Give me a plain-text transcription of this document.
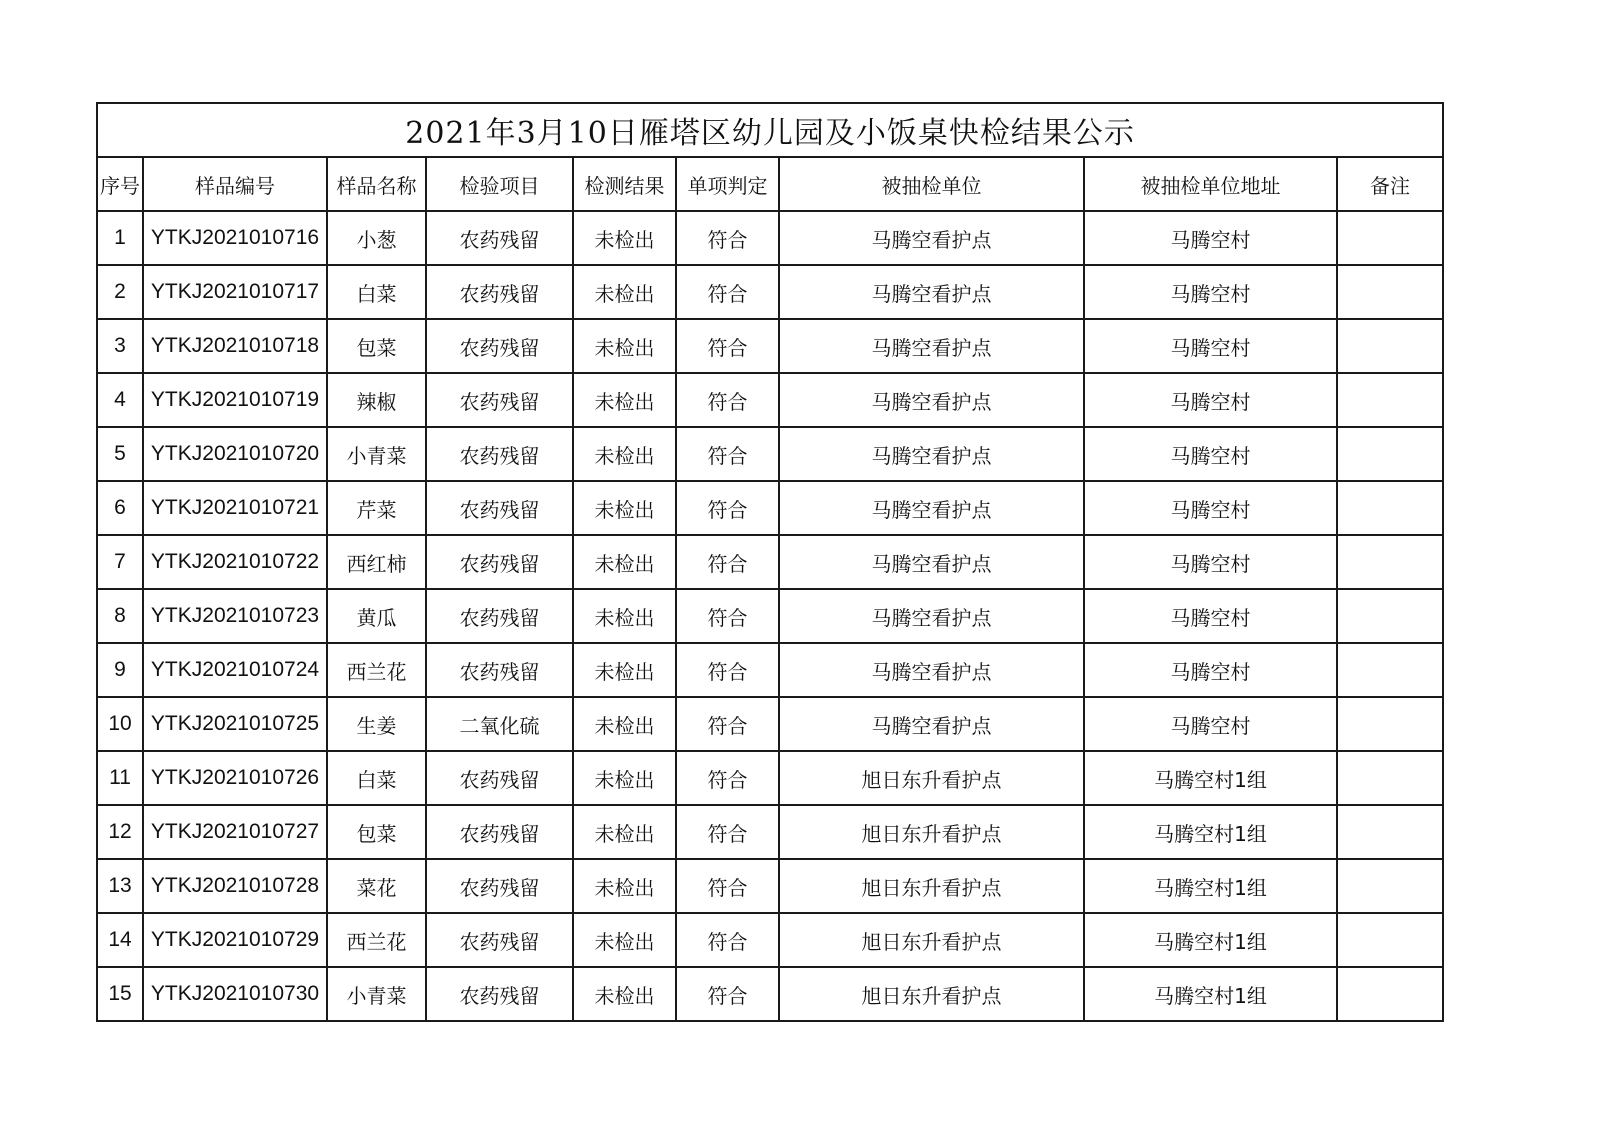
2021年3月10日雁塔区幼儿园及小饭桌快检结果公示								
序号	样品编号	样品名称	检验项目	检测结果	单项判定	被抽检单位	被抽检单位地址	备注
1	YTKJ2021010716	小葱	农药残留	未检出	符合	马腾空看护点	马腾空村	
2	YTKJ2021010717	白菜	农药残留	未检出	符合	马腾空看护点	马腾空村	
3	YTKJ2021010718	包菜	农药残留	未检出	符合	马腾空看护点	马腾空村	
4	YTKJ2021010719	辣椒	农药残留	未检出	符合	马腾空看护点	马腾空村	
5	YTKJ2021010720	小青菜	农药残留	未检出	符合	马腾空看护点	马腾空村	
6	YTKJ2021010721	芹菜	农药残留	未检出	符合	马腾空看护点	马腾空村	
7	YTKJ2021010722	西红柿	农药残留	未检出	符合	马腾空看护点	马腾空村	
8	YTKJ2021010723	黄瓜	农药残留	未检出	符合	马腾空看护点	马腾空村	
9	YTKJ2021010724	西兰花	农药残留	未检出	符合	马腾空看护点	马腾空村	
10	YTKJ2021010725	生姜	二氧化硫	未检出	符合	马腾空看护点	马腾空村	
11	YTKJ2021010726	白菜	农药残留	未检出	符合	旭日东升看护点	马腾空村1组	
12	YTKJ2021010727	包菜	农药残留	未检出	符合	旭日东升看护点	马腾空村1组	
13	YTKJ2021010728	菜花	农药残留	未检出	符合	旭日东升看护点	马腾空村1组	
14	YTKJ2021010729	西兰花	农药残留	未检出	符合	旭日东升看护点	马腾空村1组	
15	YTKJ2021010730	小青菜	农药残留	未检出	符合	旭日东升看护点	马腾空村1组	
